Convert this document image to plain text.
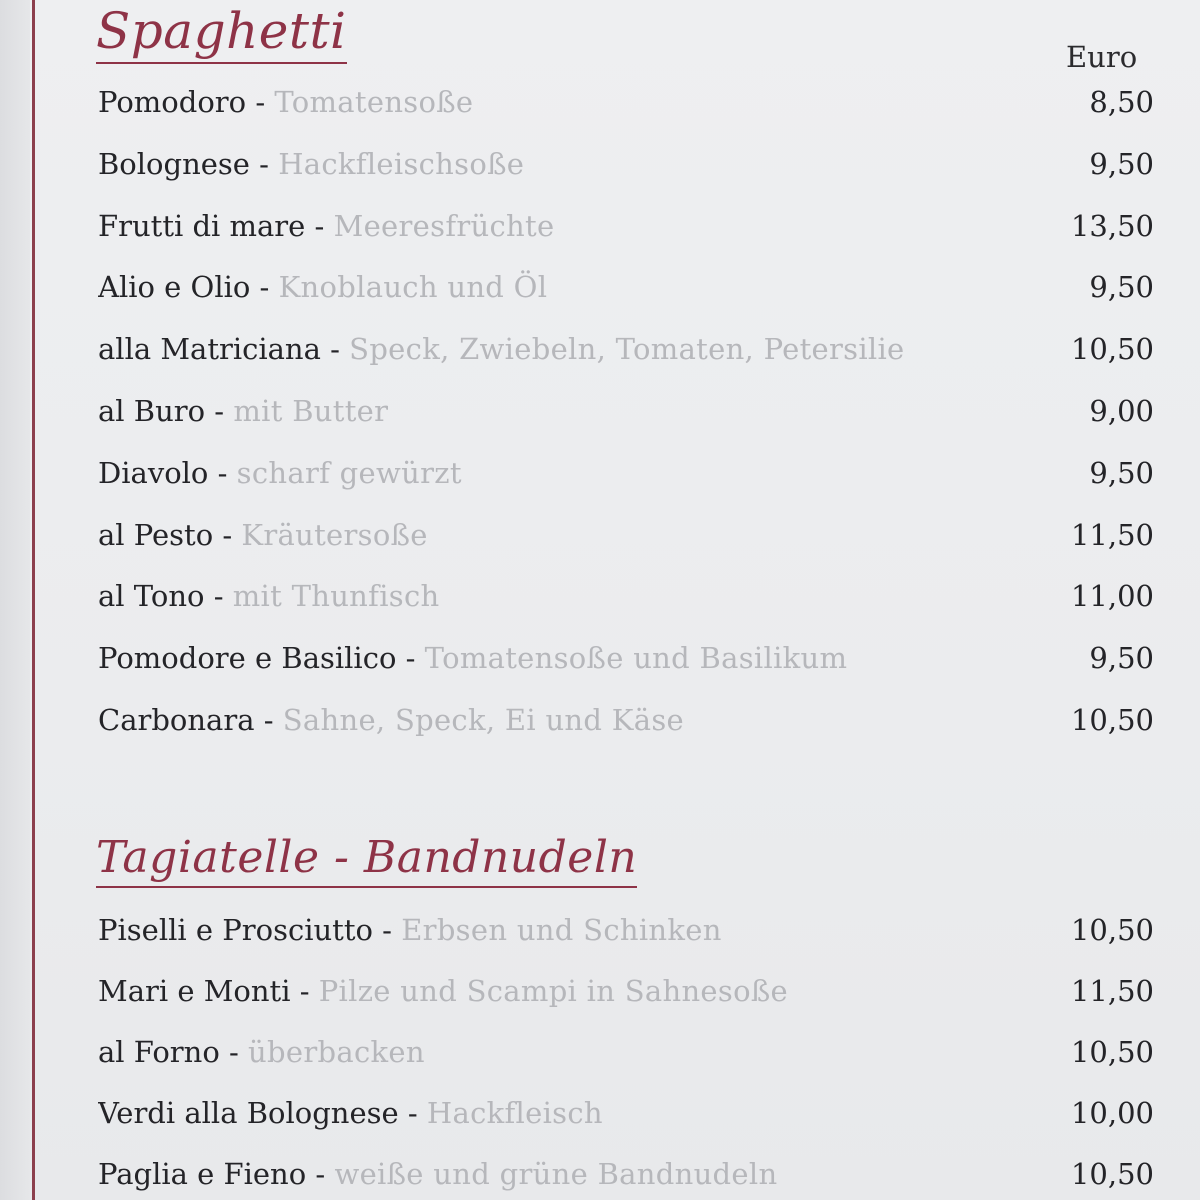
Spaghetti	Euro
Pomodoro - Tomatensoße	8,50
Bolognese - Hackfleischsoße	9,50
Frutti di mare - Meeresfrüchte	13,50
Alio e Olio - Knoblauch und Öl	9,50
alla Matriciana - Speck, Zwiebeln, Tomaten, Petersilie	10,50
al Buro - mit Butter	9,00
Diavolo - scharf gewürzt	9,50
al Pesto - Kräutersoße	11,50
al Tono - mit Thunfisch	11,00
Pomodore e Basilico - Tomatensoße und Basilikum	9,50
Carbonara - Sahne, Speck, Ei und Käse	10,50
Tagiatelle - Bandnudeln
Piselli e Prosciutto - Erbsen und Schinken	10,50
Mari e Monti - Pilze und Scampi in Sahnesoße	11,50
al Forno - überbacken	10,50
Verdi alla Bolognese - Hackfleisch	10,00
Paglia e Fieno - weiße und grüne Bandnudeln	10,50
